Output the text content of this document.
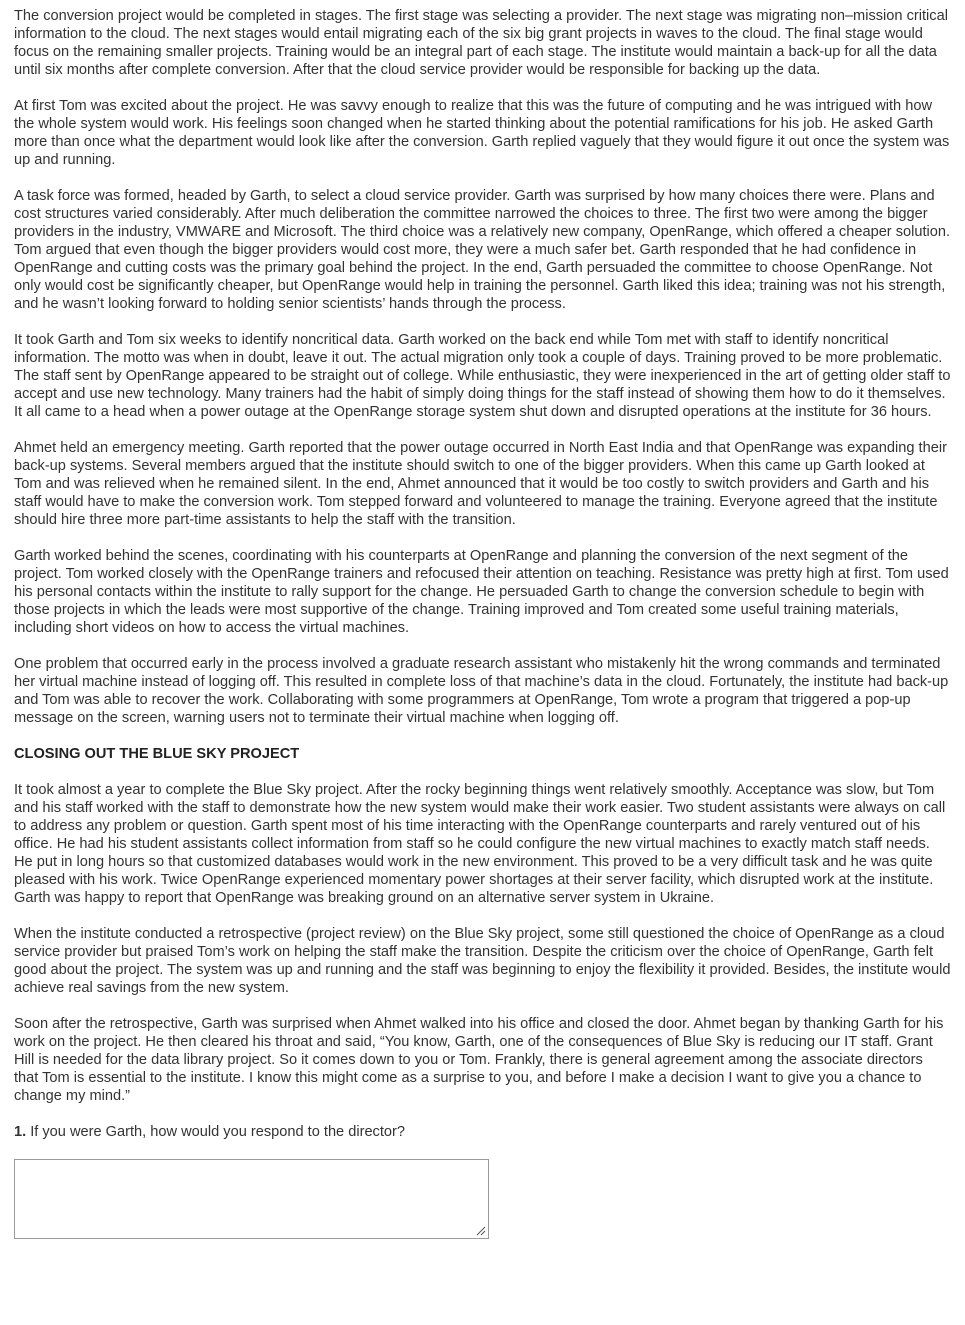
The conversion project would be completed in stages. The first stage was selecting a provider. The next stage was migrating non–mission critical information to the cloud. The next stages would entail migrating each of the six big grant projects in waves to the cloud. The final stage would focus on the remaining smaller projects. Training would be an integral part of each stage. The institute would maintain a back-up for all the data until six months after complete conversion. After that the cloud service provider would be responsible for backing up the data.

At first Tom was excited about the project. He was savvy enough to realize that this was the future of computing and he was intrigued with how the whole system would work. His feelings soon changed when he started thinking about the potential ramifications for his job. He asked Garth more than once what the department would look like after the conversion. Garth replied vaguely that they would figure it out once the system was up and running.

A task force was formed, headed by Garth, to select a cloud service provider. Garth was surprised by how many choices there were. Plans and cost structures varied considerably. After much deliberation the committee narrowed the choices to three. The first two were among the bigger providers in the industry, VMWARE and Microsoft. The third choice was a relatively new company, OpenRange, which offered a cheaper solution. Tom argued that even though the bigger providers would cost more, they were a much safer bet. Garth responded that he had confidence in OpenRange and cutting costs was the primary goal behind the project. In the end, Garth persuaded the committee to choose OpenRange. Not only would cost be significantly cheaper, but OpenRange would help in training the personnel. Garth liked this idea; training was not his strength, and he wasn’t looking forward to holding senior scientists’ hands through the process.

It took Garth and Tom six weeks to identify noncritical data. Garth worked on the back end while Tom met with staff to identify noncritical information. The motto was when in doubt, leave it out. The actual migration only took a couple of days. Training proved to be more problematic. The staff sent by OpenRange appeared to be straight out of college. While enthusiastic, they were inexperienced in the art of getting older staff to accept and use new technology. Many trainers had the habit of simply doing things for the staff instead of showing them how to do it themselves. It all came to a head when a power outage at the OpenRange storage system shut down and disrupted operations at the institute for 36 hours.

Ahmet held an emergency meeting. Garth reported that the power outage occurred in North East India and that OpenRange was expanding their back-up systems. Several members argued that the institute should switch to one of the bigger providers. When this came up Garth looked at Tom and was relieved when he remained silent. In the end, Ahmet announced that it would be too costly to switch providers and Garth and his staff would have to make the conversion work. Tom stepped forward and volunteered to manage the training. Everyone agreed that the institute should hire three more part-time assistants to help the staff with the transition.

Garth worked behind the scenes, coordinating with his counterparts at OpenRange and planning the conversion of the next segment of the project. Tom worked closely with the OpenRange trainers and refocused their attention on teaching. Resistance was pretty high at first. Tom used his personal contacts within the institute to rally support for the change. He persuaded Garth to change the conversion schedule to begin with those projects in which the leads were most supportive of the change. Training improved and Tom created some useful training materials, including short videos on how to access the virtual machines.

One problem that occurred early in the process involved a graduate research assistant who mistakenly hit the wrong commands and terminated her virtual machine instead of logging off. This resulted in complete loss of that machine’s data in the cloud. Fortunately, the institute had back-up and Tom was able to recover the work. Collaborating with some programmers at OpenRange, Tom wrote a program that triggered a pop-up message on the screen, warning users not to terminate their virtual machine when logging off.

CLOSING OUT THE BLUE SKY PROJECT

It took almost a year to complete the Blue Sky project. After the rocky beginning things went relatively smoothly. Acceptance was slow, but Tom and his staff worked with the staff to demonstrate how the new system would make their work easier. Two student assistants were always on call to address any problem or question. Garth spent most of his time interacting with the OpenRange counterparts and rarely ventured out of his office. He had his student assistants collect information from staff so he could configure the new virtual machines to exactly match staff needs. He put in long hours so that customized databases would work in the new environment. This proved to be a very difficult task and he was quite pleased with his work. Twice OpenRange experienced momentary power shortages at their server facility, which disrupted work at the institute. Garth was happy to report that OpenRange was breaking ground on an alternative server system in Ukraine.

When the institute conducted a retrospective (project review) on the Blue Sky project, some still questioned the choice of OpenRange as a cloud service provider but praised Tom’s work on helping the staff make the transition. Despite the criticism over the choice of OpenRange, Garth felt good about the project. The system was up and running and the staff was beginning to enjoy the flexibility it provided. Besides, the institute would achieve real savings from the new system.

Soon after the retrospective, Garth was surprised when Ahmet walked into his office and closed the door. Ahmet began by thanking Garth for his work on the project. He then cleared his throat and said, “You know, Garth, one of the consequences of Blue Sky is reducing our IT staff. Grant Hill is needed for the data library project. So it comes down to you or Tom. Frankly, there is general agreement among the associate directors that Tom is essential to the institute. I know this might come as a surprise to you, and before I make a decision I want to give you a chance to change my mind.”

1. If you were Garth, how would you respond to the director?
